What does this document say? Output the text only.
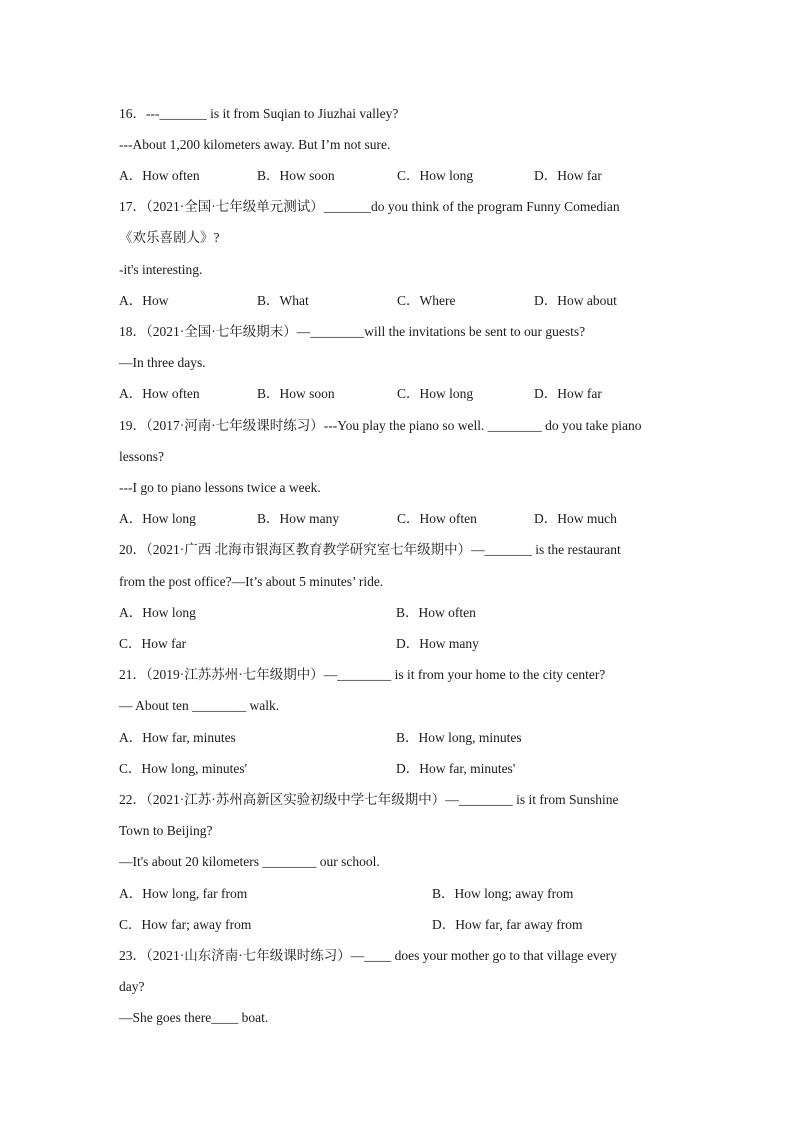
16．---_______ is it from Suqian to Jiuzhai valley?
---About 1,200 kilometers away. But I’m not sure.
A．How often	B．How soon	C．How long	D．How far
17．（2021·全国·七年级单元测试）_______do you think of the program Funny Comedian
《欢乐喜剧人》?
-it's interesting.
A．How	B．What	C．Where	D．How about
18．（2021·全国·七年级期末）—________will the invitations be sent to our guests?
—In three days.
A．How often	B．How soon	C．How long	D．How far
19．（2017·河南·七年级课时练习）---You play the piano so well. ________ do you take piano
lessons?
---I go to piano lessons twice a week.
A．How long	B．How many	C．How often	D．How much
20．（2021·广西 北海市银海区教育教学研究室七年级期中）—_______ is the restaurant
from the post office?—It’s about 5 minutes’ ride.
A．How long	B．How often
C．How far	D．How many
21．（2019·江苏苏州·七年级期中）—________ is it from your home to the city center?
— About ten ________ walk.
A．How far, minutes	B．How long, minutes
C．How long, minutes'	D．How far, minutes'
22．（2021·江苏·苏州高新区实验初级中学七年级期中）—________ is it from Sunshine
Town to Beijing?
—It's about 20 kilometers ________ our school.
A．How long, far from	B．How long; away from
C．How far; away from	D．How far, far away from
23．（2021·山东济南·七年级课时练习）—____ does your mother go to that village every
day?
—She goes there____ boat.
